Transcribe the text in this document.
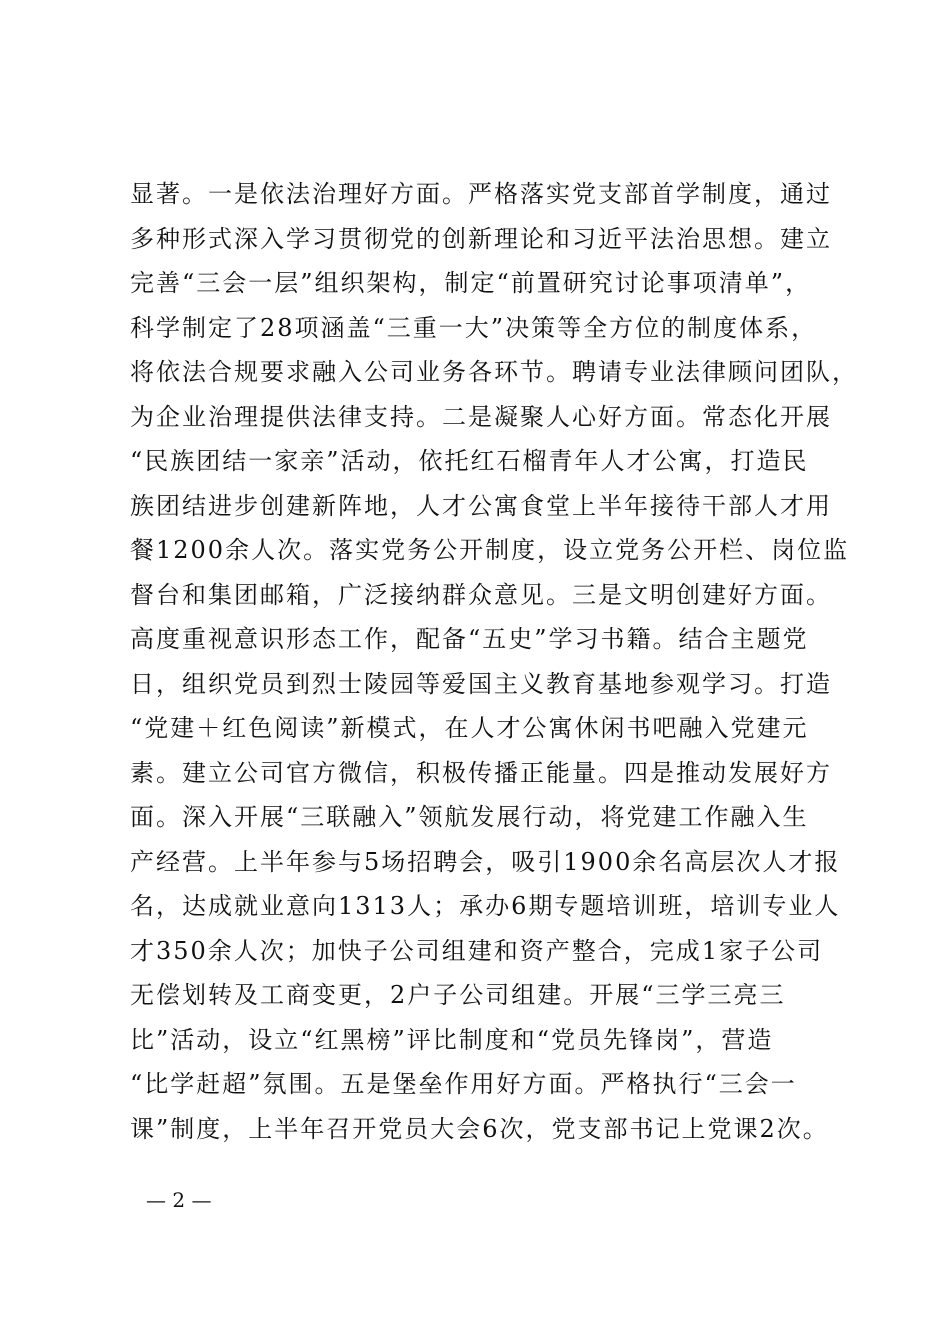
显著。一是依法治理好方面。严格落实党支部首学制度，通过
多种形式深入学习贯彻党的创新理论和习近平法治思想。建立
完善“三会一层”组织架构，制定“前置研究讨论事项清单”，
科学制定了28项涵盖“三重一大”决策等全方位的制度体系，
将依法合规要求融入公司业务各环节。聘请专业法律顾问团队，
为企业治理提供法律支持。二是凝聚人心好方面。常态化开展
“民族团结一家亲”活动，依托红石榴青年人才公寓，打造民
族团结进步创建新阵地，人才公寓食堂上半年接待干部人才用
餐1200余人次。落实党务公开制度，设立党务公开栏、岗位监
督台和集团邮箱，广泛接纳群众意见。三是文明创建好方面。
高度重视意识形态工作，配备“五史”学习书籍。结合主题党
日，组织党员到烈士陵园等爱国主义教育基地参观学习。打造
“党建＋红色阅读”新模式，在人才公寓休闲书吧融入党建元
素。建立公司官方微信，积极传播正能量。四是推动发展好方
面。深入开展“三联融入”领航发展行动，将党建工作融入生
产经营。上半年参与5场招聘会，吸引1900余名高层次人才报
名，达成就业意向1313人；承办6期专题培训班，培训专业人
才350余人次；加快子公司组建和资产整合，完成1家子公司
无偿划转及工商变更，2户子公司组建。开展“三学三亮三
比”活动，设立“红黑榜”评比制度和“党员先锋岗”，营造
“比学赶超”氛围。五是堡垒作用好方面。严格执行“三会一
课”制度，上半年召开党员大会6次，党支部书记上党课2次。
— 2 —
